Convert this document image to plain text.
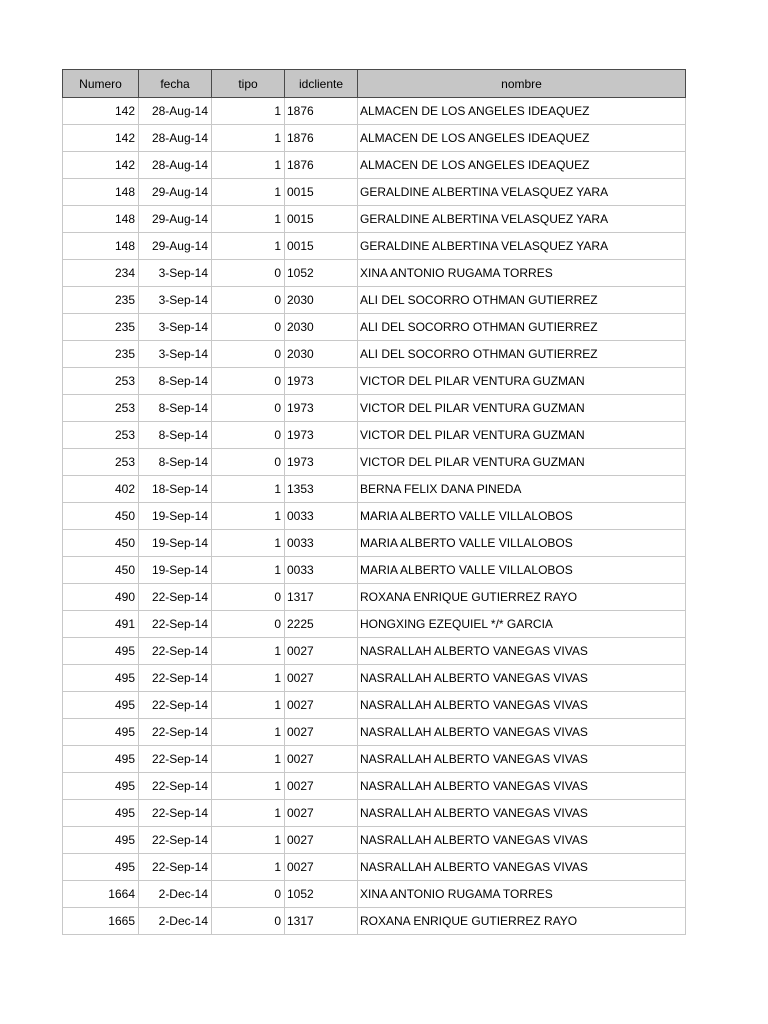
Numero	fecha	tipo	idcliente	nombre
142	28-Aug-14	1	1876	ALMACEN DE LOS ANGELES IDEAQUEZ
142	28-Aug-14	1	1876	ALMACEN DE LOS ANGELES IDEAQUEZ
142	28-Aug-14	1	1876	ALMACEN DE LOS ANGELES IDEAQUEZ
148	29-Aug-14	1	0015	GERALDINE ALBERTINA VELASQUEZ YARA
148	29-Aug-14	1	0015	GERALDINE ALBERTINA VELASQUEZ YARA
148	29-Aug-14	1	0015	GERALDINE ALBERTINA VELASQUEZ YARA
234	3-Sep-14	0	1052	XINA ANTONIO RUGAMA TORRES
235	3-Sep-14	0	2030	ALI DEL SOCORRO OTHMAN GUTIERREZ
235	3-Sep-14	0	2030	ALI DEL SOCORRO OTHMAN GUTIERREZ
235	3-Sep-14	0	2030	ALI DEL SOCORRO OTHMAN GUTIERREZ
253	8-Sep-14	0	1973	VICTOR DEL PILAR VENTURA GUZMAN
253	8-Sep-14	0	1973	VICTOR DEL PILAR VENTURA GUZMAN
253	8-Sep-14	0	1973	VICTOR DEL PILAR VENTURA GUZMAN
253	8-Sep-14	0	1973	VICTOR DEL PILAR VENTURA GUZMAN
402	18-Sep-14	1	1353	BERNA FELIX DANA PINEDA
450	19-Sep-14	1	0033	MARIA ALBERTO VALLE VILLALOBOS
450	19-Sep-14	1	0033	MARIA ALBERTO VALLE VILLALOBOS
450	19-Sep-14	1	0033	MARIA ALBERTO VALLE VILLALOBOS
490	22-Sep-14	0	1317	ROXANA ENRIQUE GUTIERREZ RAYO
491	22-Sep-14	0	2225	HONGXING EZEQUIEL */* GARCIA
495	22-Sep-14	1	0027	NASRALLAH ALBERTO VANEGAS VIVAS
495	22-Sep-14	1	0027	NASRALLAH ALBERTO VANEGAS VIVAS
495	22-Sep-14	1	0027	NASRALLAH ALBERTO VANEGAS VIVAS
495	22-Sep-14	1	0027	NASRALLAH ALBERTO VANEGAS VIVAS
495	22-Sep-14	1	0027	NASRALLAH ALBERTO VANEGAS VIVAS
495	22-Sep-14	1	0027	NASRALLAH ALBERTO VANEGAS VIVAS
495	22-Sep-14	1	0027	NASRALLAH ALBERTO VANEGAS VIVAS
495	22-Sep-14	1	0027	NASRALLAH ALBERTO VANEGAS VIVAS
495	22-Sep-14	1	0027	NASRALLAH ALBERTO VANEGAS VIVAS
1664	2-Dec-14	0	1052	XINA ANTONIO RUGAMA TORRES
1665	2-Dec-14	0	1317	ROXANA ENRIQUE GUTIERREZ RAYO
